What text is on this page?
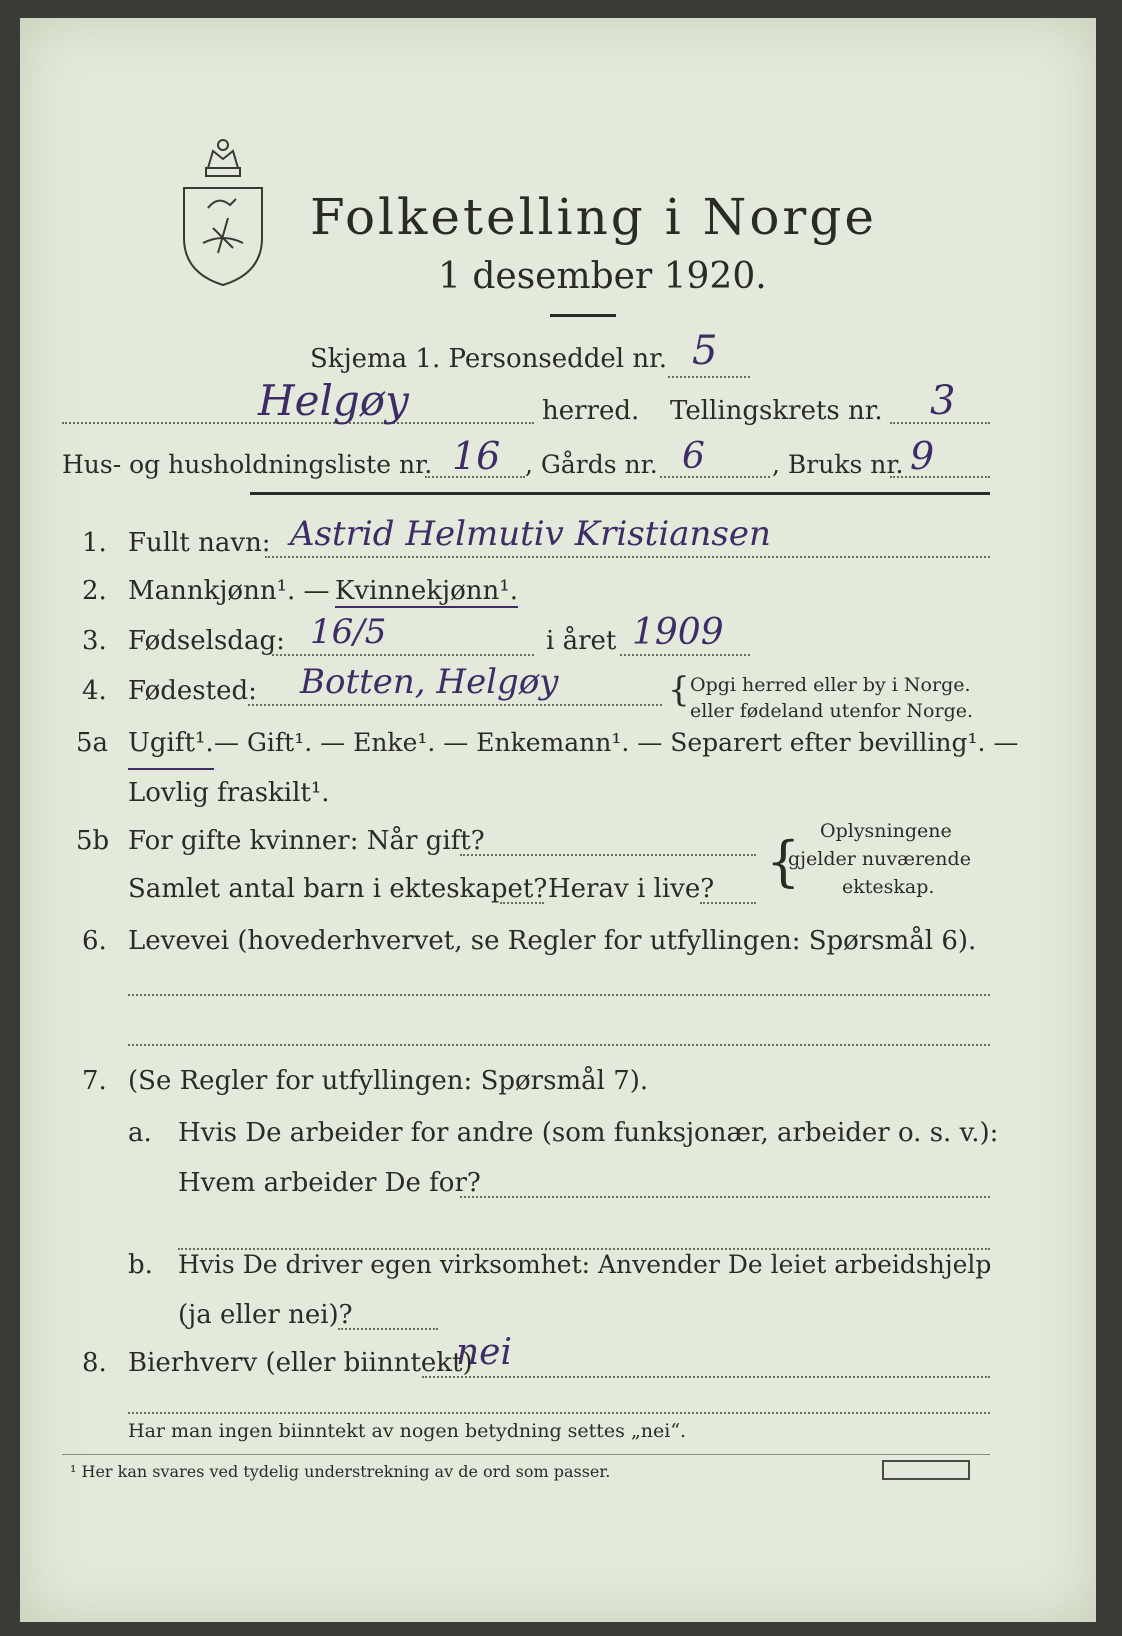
Folketelling i Norge
1 desember 1920.
Skjema 1. Personseddel nr. 5
Helgøy	herred. Tellingskrets nr. 3
Hus- og husholdningsliste nr. 16 , Gårds nr. 6	, Bruks nr. 9
1. Fullt navn: Astrid Helmutiv Kristiansen
2. Mannkjønn¹. — Kvinnekjønn¹.
3. Fødselsdag: 16/5	i året 1909
4. Fødested: Botten, Helgøy	{ Opgi herred eller by i Norge.
eller fødeland utenfor Norge.
5a Ugift¹. — Gift¹. — Enke¹. — Enkemann¹. — Separert efter bevilling¹. —
Lovlig fraskilt¹.
5b For gifte kvinner: Når gift?
Samlet antal barn i ekteskapet? Herav i live? { Oplysningene
gjelder nuværende
ekteskap.
6. Levevei (hovederhvervet, se Regler for utfyllingen: Spørsmål 6).
7. (Se Regler for utfyllingen: Spørsmål 7).
a. Hvis De arbeider for andre (som funksjonær, arbeider o. s. v.):
Hvem arbeider De for?
b. Hvis De driver egen virksomhet: Anvender De leiet arbeidshjelp
(ja eller nei)?
8. Bierhverv (eller biinntekt)
nei
Har man ingen biinntekt av nogen betydning settes „nei“.
¹ Her kan svares ved tydelig understrekning av de ord som passer.
